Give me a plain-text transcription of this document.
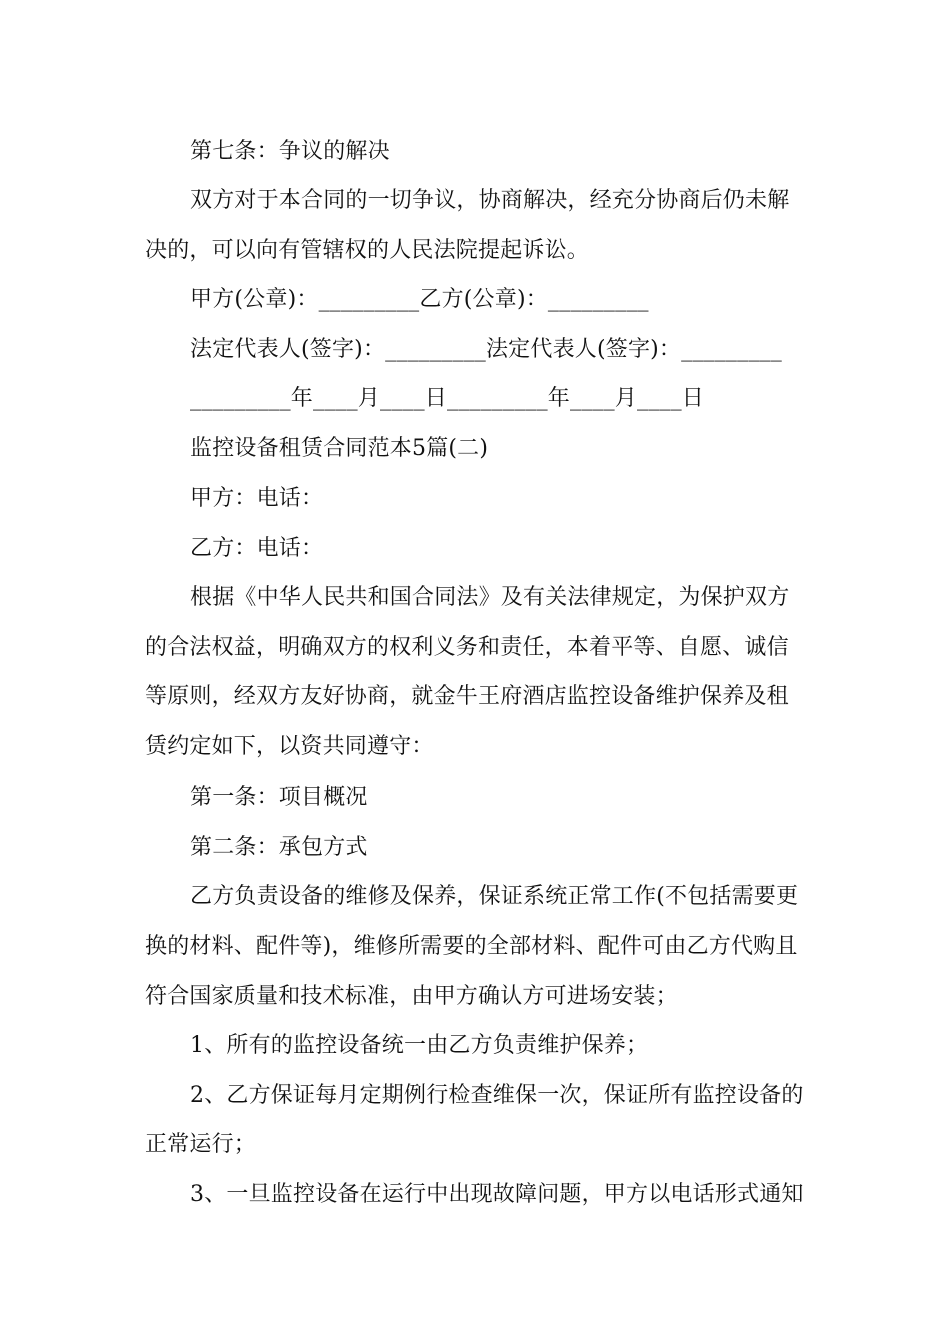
第七条：争议的解决
双方对于本合同的一切争议，协商解决，经充分协商后仍未解
决的，可以向有管辖权的人民法院提起诉讼。
甲方(公章)：_________乙方(公章)：_________
法定代表人(签字)：_________法定代表人(签字)：_________
_________年____月____日_________年____月____日
监控设备租赁合同范本5篇(二)
甲方：电话：
乙方：电话：
根据《中华人民共和国合同法》及有关法律规定，为保护双方
的合法权益，明确双方的权利义务和责任，本着平等、自愿、诚信
等原则，经双方友好协商，就金牛王府酒店监控设备维护保养及租
赁约定如下，以资共同遵守：
第一条：项目概况
第二条：承包方式
乙方负责设备的维修及保养，保证系统正常工作(不包括需要更
换的材料、配件等)，维修所需要的全部材料、配件可由乙方代购且
符合国家质量和技术标准，由甲方确认方可进场安装；
1、所有的监控设备统一由乙方负责维护保养；
2、乙方保证每月定期例行检查维保一次，保证所有监控设备的
正常运行；
3、一旦监控设备在运行中出现故障问题，甲方以电话形式通知
